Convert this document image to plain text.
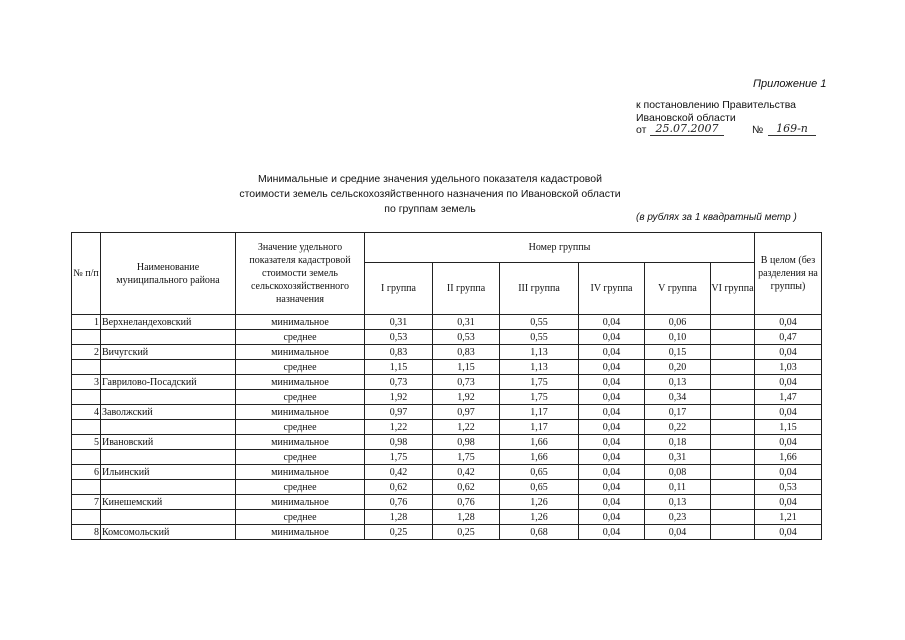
Приложение 1
к постановлению Правительства
Ивановской области
от 25.07.2007	№	169-п
Минимальные и средние значения удельного показателя кадастровой
стоимости земель сельскохозяйственного назначения по Ивановской области
по группам земель
(в рублях за 1 квадратный метр )
№ п/п	Наименование муниципального района	Значение удельного показателя кадастровой стоимости земель сельскохозяйственного назначения	Номер группы						В целом (без разделения на группы)
			I группа	II группа	III группа	IV группа	V группа	VI группа	
1	Верхнеландеховский	минимальное	0,31	0,31	0,55	0,04	0,06		0,04
		среднее	0,53	0,53	0,55	0,04	0,10		0,47
2	Вичугский	минимальное	0,83	0,83	1,13	0,04	0,15		0,04
		среднее	1,15	1,15	1,13	0,04	0,20		1,03
3	Гаврилово-Посадский	минимальное	0,73	0,73	1,75	0,04	0,13		0,04
		среднее	1,92	1,92	1,75	0,04	0,34		1,47
4	Заволжский	минимальное	0,97	0,97	1,17	0,04	0,17		0,04
		среднее	1,22	1,22	1,17	0,04	0,22		1,15
5	Ивановский	минимальное	0,98	0,98	1,66	0,04	0,18		0,04
		среднее	1,75	1,75	1,66	0,04	0,31		1,66
6	Ильинский	минимальное	0,42	0,42	0,65	0,04	0,08		0,04
		среднее	0,62	0,62	0,65	0,04	0,11		0,53
7	Кинешемский	минимальное	0,76	0,76	1,26	0,04	0,13		0,04
		среднее	1,28	1,28	1,26	0,04	0,23		1,21
8	Комсомольский	минимальное	0,25	0,25	0,68	0,04	0,04		0,04
